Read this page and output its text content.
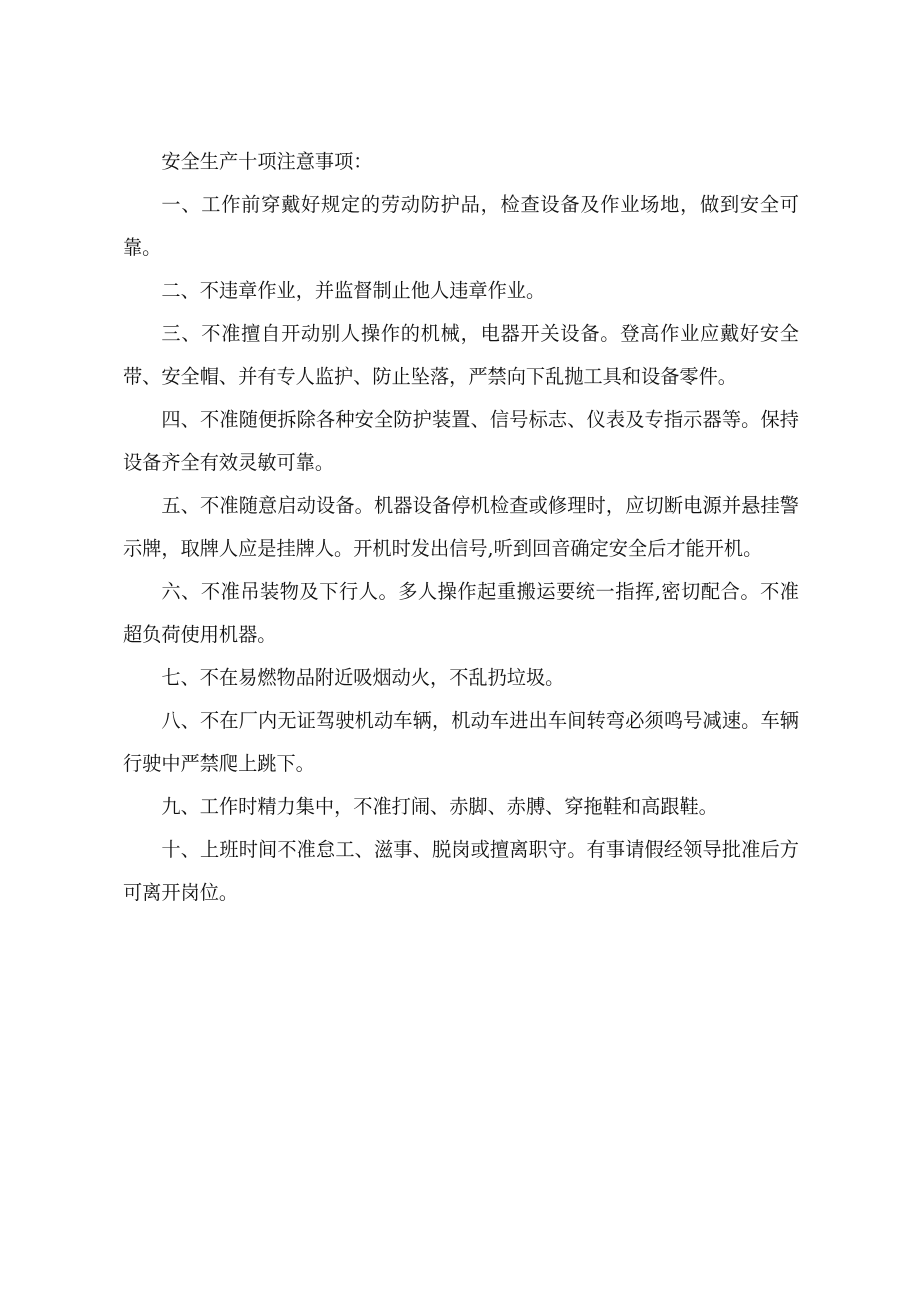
安全生产十项注意事项：

一、工作前穿戴好规定的劳动防护品，检查设备及作业场地，做到安全可靠。

二、不违章作业，并监督制止他人违章作业。

三、不准擅自开动别人操作的机械，电器开关设备。登高作业应戴好安全带、安全帽、并有专人监护、防止坠落，严禁向下乱抛工具和设备零件。

四、不准随便拆除各种安全防护装置、信号标志、仪表及专指示器等。保持设备齐全有效灵敏可靠。

五、不准随意启动设备。机器设备停机检查或修理时，应切断电源并悬挂警示牌，取牌人应是挂牌人。开机时发出信号,听到回音确定安全后才能开机。

六、不准吊装物及下行人。多人操作起重搬运要统一指挥,密切配合。不准超负荷使用机器。

七、不在易燃物品附近吸烟动火，不乱扔垃圾。

八、不在厂内无证驾驶机动车辆，机动车进出车间转弯必须鸣号减速。车辆行驶中严禁爬上跳下。

九、工作时精力集中，不准打闹、赤脚、赤膊、穿拖鞋和高跟鞋。

十、上班时间不准怠工、滋事、脱岗或擅离职守。有事请假经领导批准后方可离开岗位。
